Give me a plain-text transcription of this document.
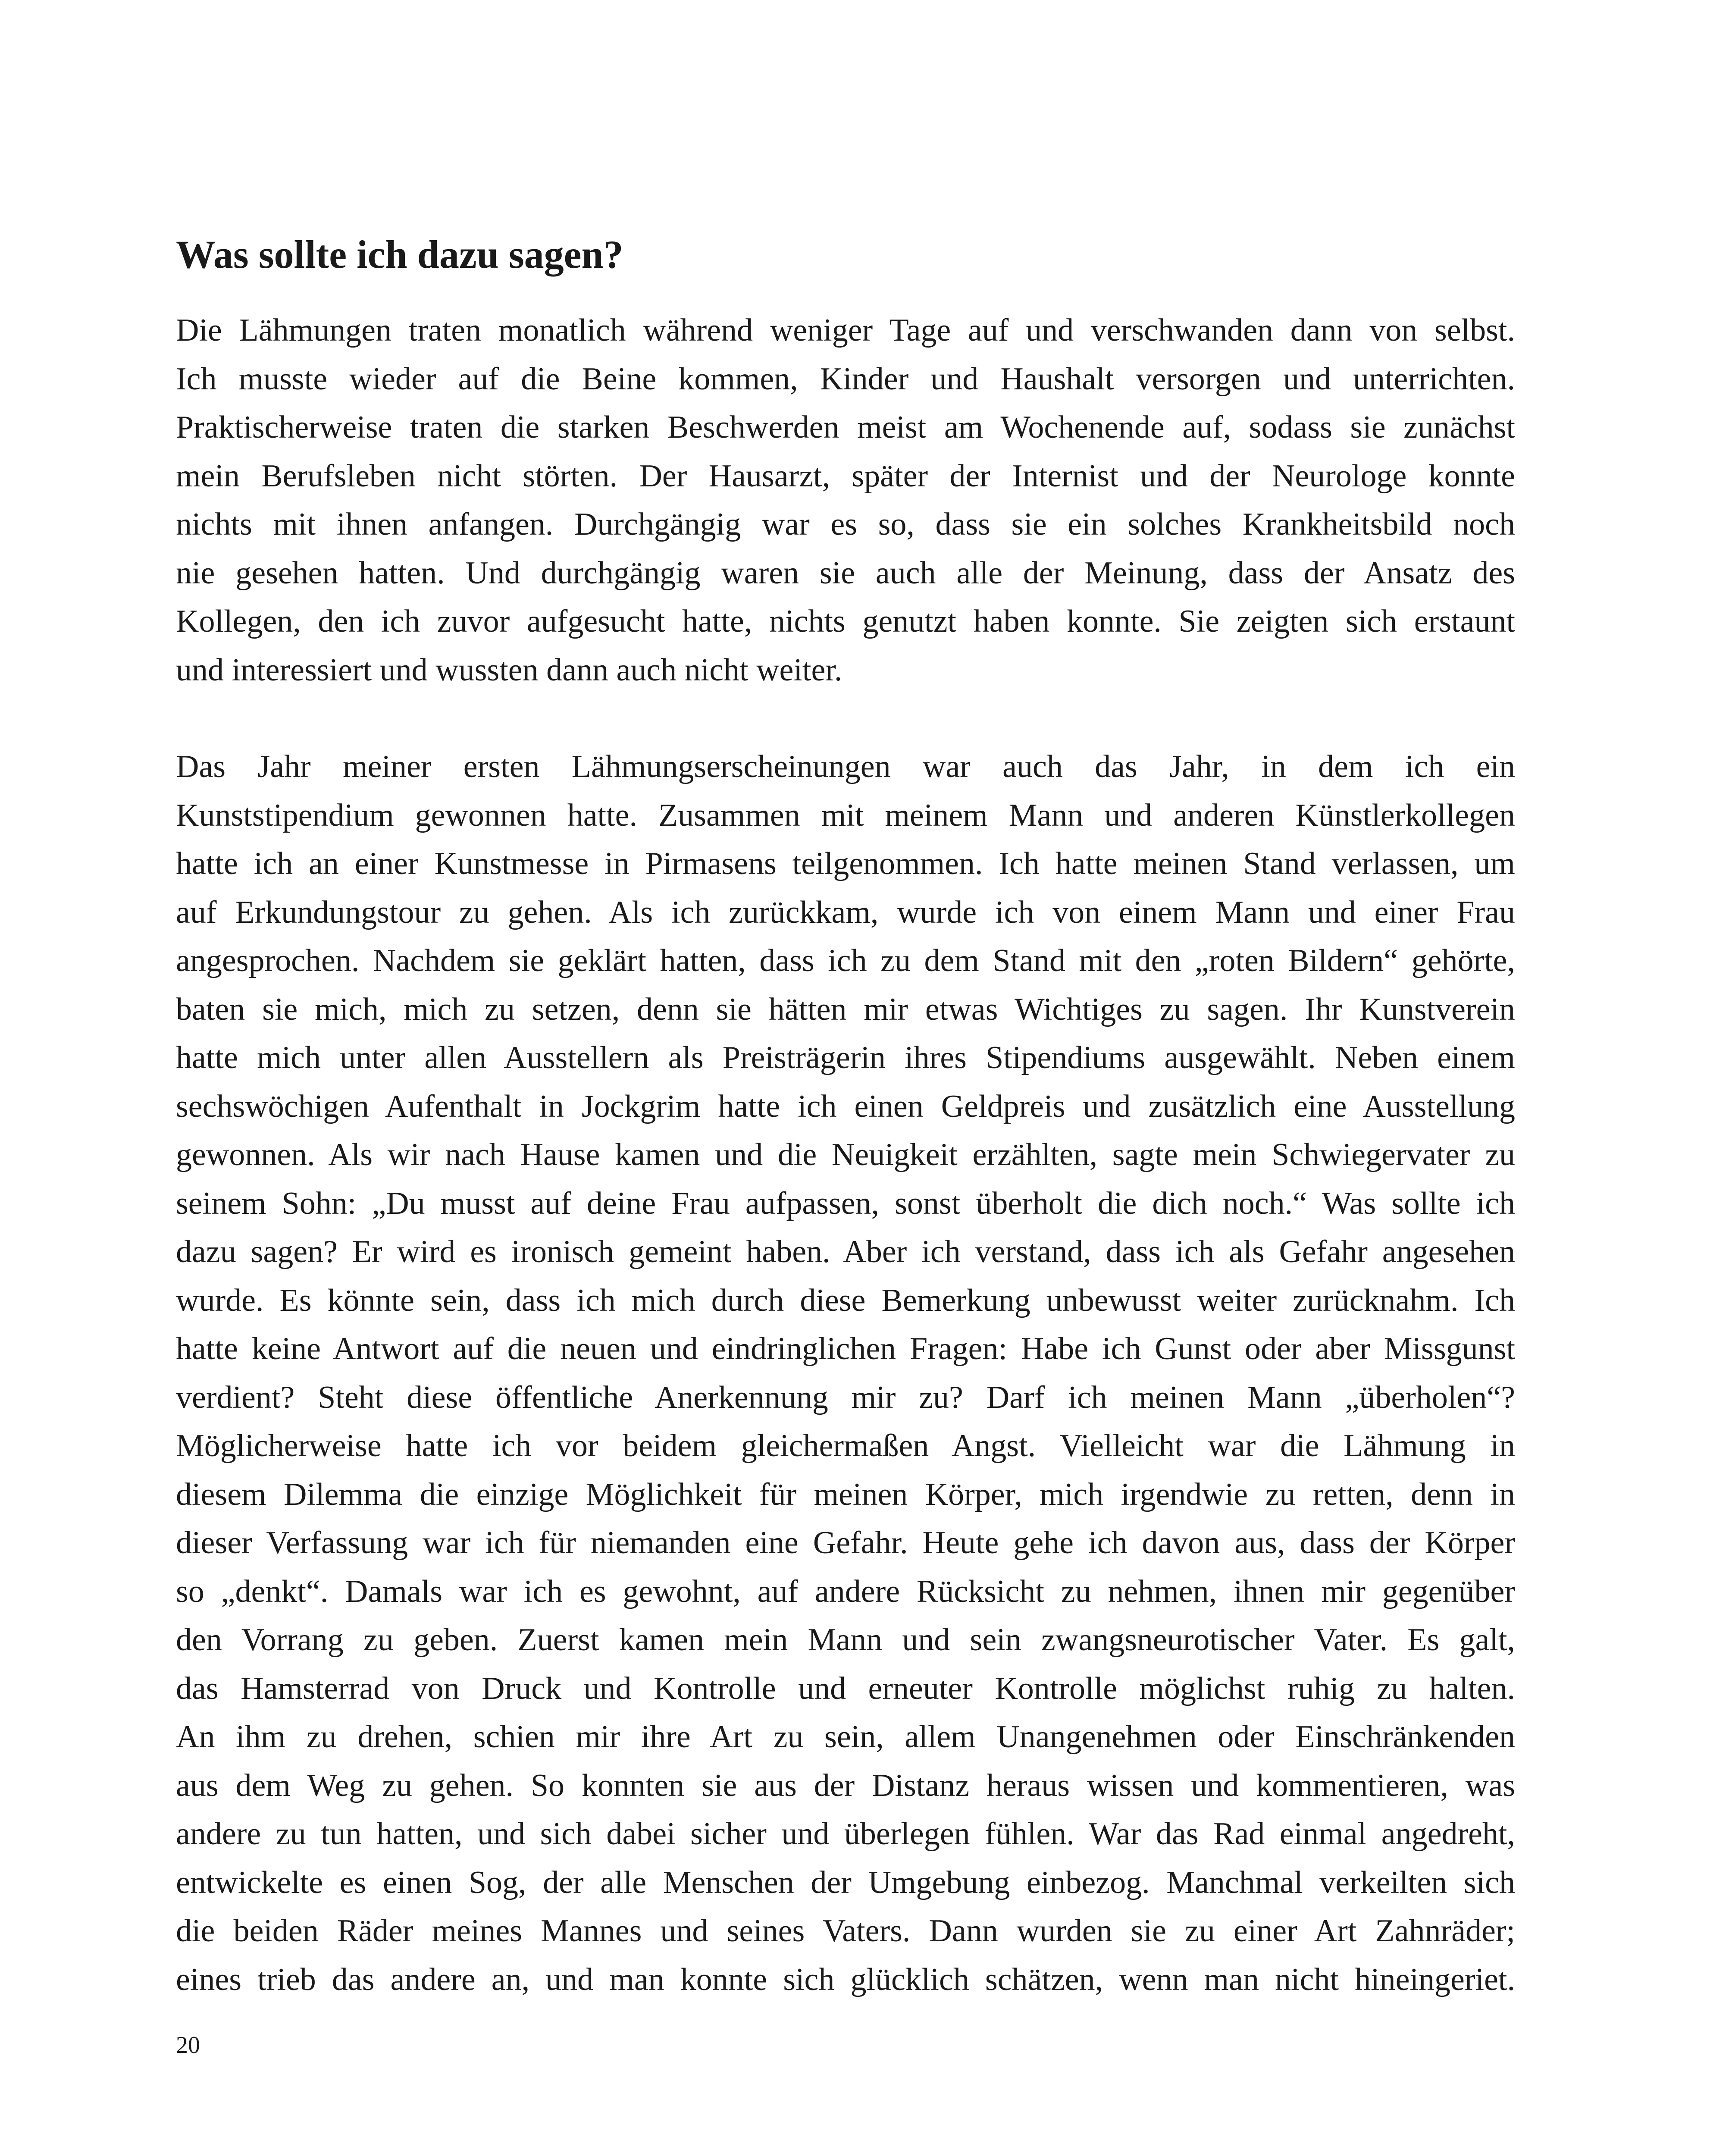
Was sollte ich dazu sagen?

Die Lähmungen traten monatlich während weniger Tage auf und verschwanden dann von selbst.
Ich musste wieder auf die Beine kommen, Kinder und Haushalt versorgen und unterrichten.
Praktischerweise traten die starken Beschwerden meist am Wochenende auf, sodass sie zunächst
mein Berufsleben nicht störten. Der Hausarzt, später der Internist und der Neurologe konnte
nichts mit ihnen anfangen. Durchgängig war es so, dass sie ein solches Krankheitsbild noch
nie gesehen hatten. Und durchgängig waren sie auch alle der Meinung, dass der Ansatz des
Kollegen, den ich zuvor aufgesucht hatte, nichts genutzt haben konnte. Sie zeigten sich erstaunt
und interessiert und wussten dann auch nicht weiter.

Das Jahr meiner ersten Lähmungserscheinungen war auch das Jahr, in dem ich ein
Kunststipendium gewonnen hatte. Zusammen mit meinem Mann und anderen Künstlerkollegen
hatte ich an einer Kunstmesse in Pirmasens teilgenommen. Ich hatte meinen Stand verlassen, um
auf Erkundungstour zu gehen. Als ich zurückkam, wurde ich von einem Mann und einer Frau
angesprochen. Nachdem sie geklärt hatten, dass ich zu dem Stand mit den „roten Bildern“ gehörte,
baten sie mich, mich zu setzen, denn sie hätten mir etwas Wichtiges zu sagen. Ihr Kunstverein
hatte mich unter allen Ausstellern als Preisträgerin ihres Stipendiums ausgewählt. Neben einem
sechswöchigen Aufenthalt in Jockgrim hatte ich einen Geldpreis und zusätzlich eine Ausstellung
gewonnen. Als wir nach Hause kamen und die Neuigkeit erzählten, sagte mein Schwiegervater zu
seinem Sohn: „Du musst auf deine Frau aufpassen, sonst überholt die dich noch.“ Was sollte ich
dazu sagen? Er wird es ironisch gemeint haben. Aber ich verstand, dass ich als Gefahr angesehen
wurde. Es könnte sein, dass ich mich durch diese Bemerkung unbewusst weiter zurücknahm. Ich
hatte keine Antwort auf die neuen und eindringlichen Fragen: Habe ich Gunst oder aber Missgunst
verdient? Steht diese öffentliche Anerkennung mir zu? Darf ich meinen Mann „überholen“?
Möglicherweise hatte ich vor beidem gleichermaßen Angst. Vielleicht war die Lähmung in
diesem Dilemma die einzige Möglichkeit für meinen Körper, mich irgendwie zu retten, denn in
dieser Verfassung war ich für niemanden eine Gefahr. Heute gehe ich davon aus, dass der Körper
so „denkt“. Damals war ich es gewohnt, auf andere Rücksicht zu nehmen, ihnen mir gegenüber
den Vorrang zu geben. Zuerst kamen mein Mann und sein zwangsneurotischer Vater. Es galt,
das Hamsterrad von Druck und Kontrolle und erneuter Kontrolle möglichst ruhig zu halten.
An ihm zu drehen, schien mir ihre Art zu sein, allem Unangenehmen oder Einschränkenden
aus dem Weg zu gehen. So konnten sie aus der Distanz heraus wissen und kommentieren, was
andere zu tun hatten, und sich dabei sicher und überlegen fühlen. War das Rad einmal angedreht,
entwickelte es einen Sog, der alle Menschen der Umgebung einbezog. Manchmal verkeilten sich
die beiden Räder meines Mannes und seines Vaters. Dann wurden sie zu einer Art Zahnräder;
eines trieb das andere an, und man konnte sich glücklich schätzen, wenn man nicht hineingeriet.

20
